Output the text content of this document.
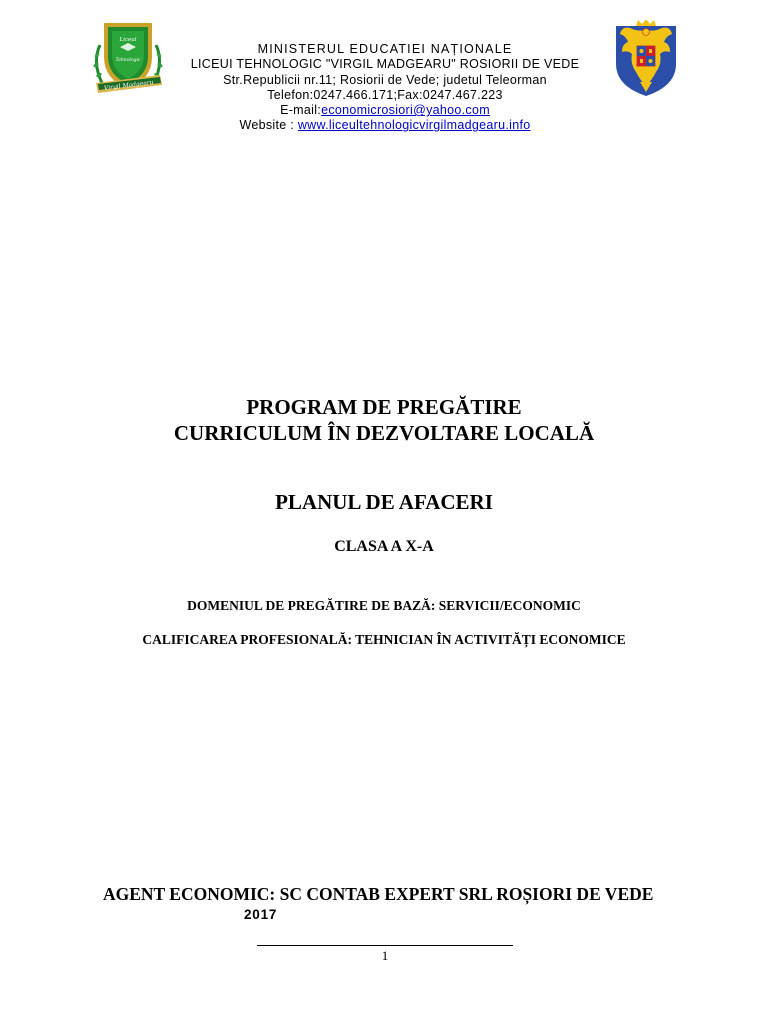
Liceul
Tehnologic
Virgil Madgearu
MINISTERUL EDUCATIEI NAȚIONALE
LICEUI TEHNOLOGIC "VIRGIL MADGEARU" ROSIORII DE VEDE
Str.Republicii nr.11; Rosiorii de Vede; judetul Teleorman
Telefon:0247.466.171;Fax:0247.467.223
E-mail:economicrosiori@yahoo.com
Website : www.liceultehnologicvirgilmadgearu.info
PROGRAM DE PREGĂTIRE
CURRICULUM ÎN DEZVOLTARE LOCALĂ
PLANUL DE AFACERI
CLASA A X-A
DOMENIUL DE PREGĂTIRE DE BAZĂ: SERVICII/ECONOMIC
CALIFICAREA PROFESIONALĂ: TEHNICIAN ÎN ACTIVITĂȚI ECONOMICE
AGENT ECONOMIC: SC CONTAB EXPERT SRL ROȘIORI DE VEDE
2017
1
